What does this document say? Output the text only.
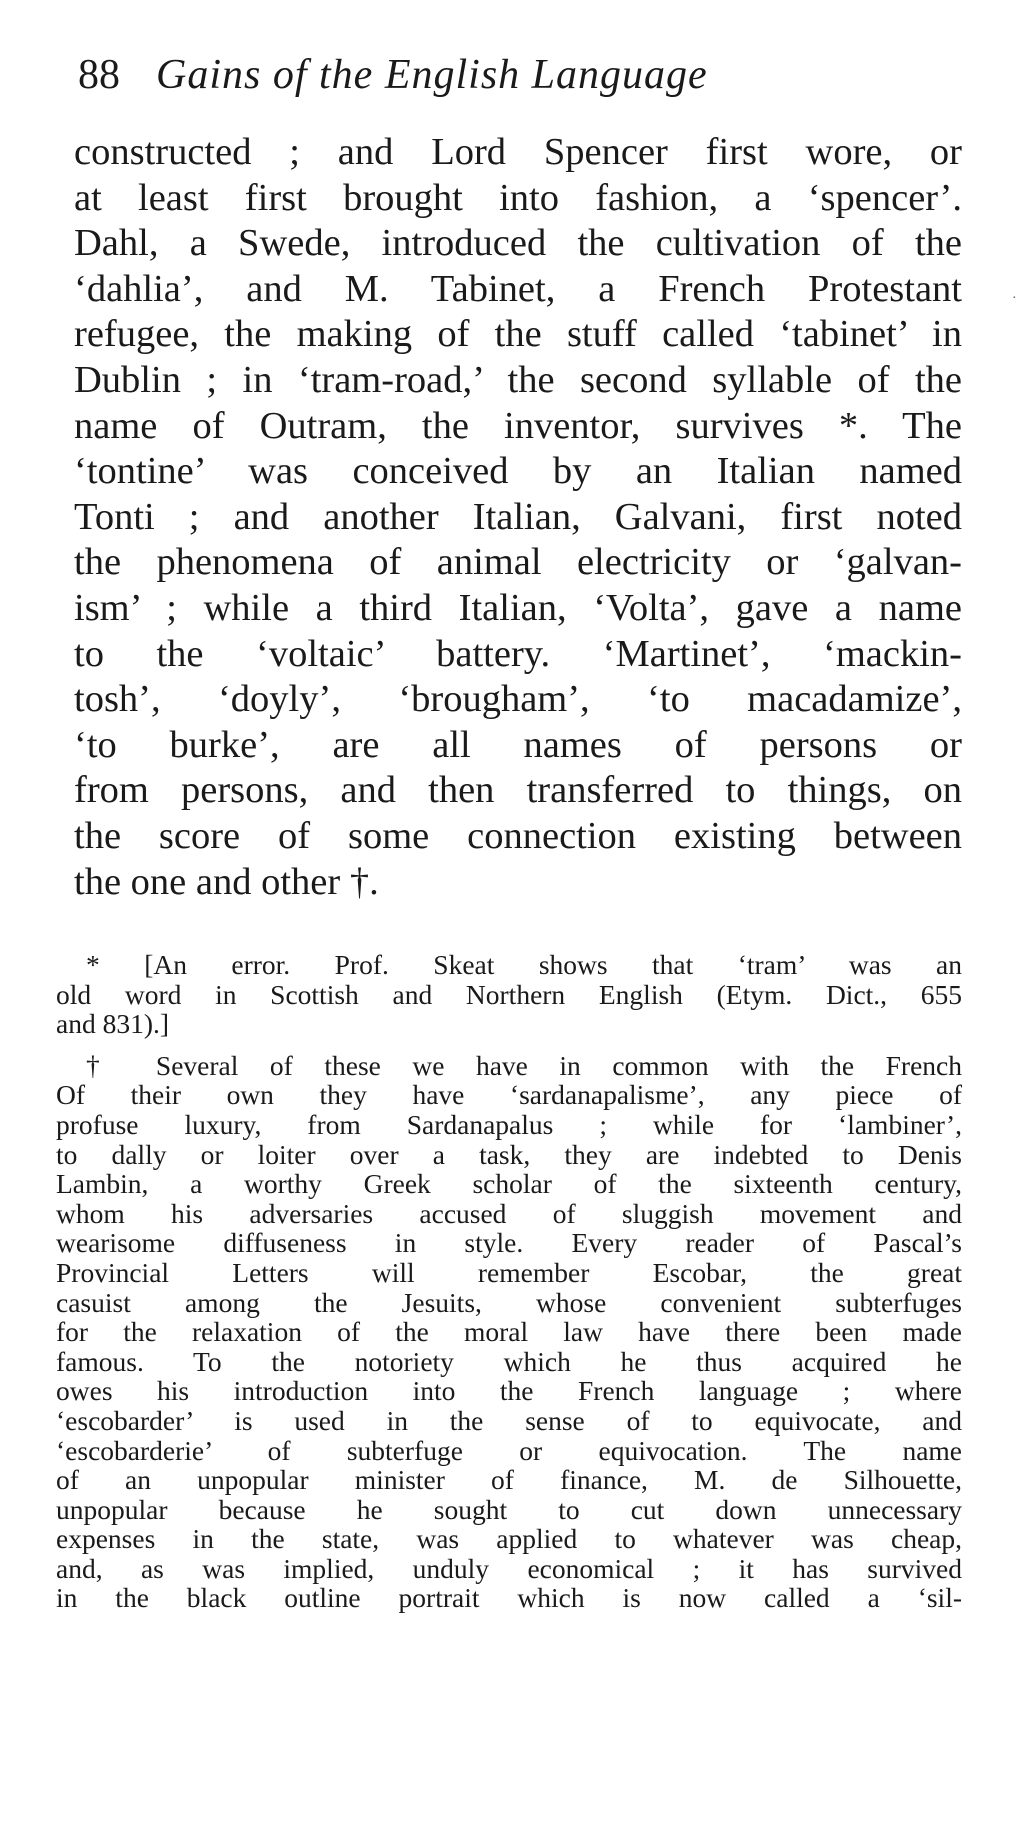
88 Gains of the English Language
constructed ; and Lord Spencer first wore, or
at least first brought into fashion, a ‘spencer’.
Dahl, a Swede, introduced the cultivation of the
‘dahlia’, and M. Tabinet, a French Protestant
refugee, the making of the stuff called ‘tabinet’ in
Dublin ; in ‘tram-road,’ the second syllable of the
name of Outram, the inventor, survives *. The
‘tontine’ was conceived by an Italian named
Tonti ; and another Italian, Galvani, first noted
the phenomena of animal electricity or ‘galvan-
ism’ ; while a third Italian, ‘Volta’, gave a name
to the ‘voltaic’ battery. ‘Martinet’, ‘mackin-
tosh’, ‘doyly’, ‘brougham’, ‘to macadamize’,
‘to burke’, are all names of persons or
from persons, and then transferred to things, on
the score of some connection existing between
the one and other †.
* [An error. Prof. Skeat shows that ‘tram’ was an
old word in Scottish and Northern English (Etym. Dict., 655
and 831).]
† Several of these we have in common with the French
Of their own they have ‘sardanapalisme’, any piece of
profuse luxury, from Sardanapalus ; while for ‘lambiner’,
to dally or loiter over a task, they are indebted to Denis
Lambin, a worthy Greek scholar of the sixteenth century,
whom his adversaries accused of sluggish movement and
wearisome diffuseness in style. Every reader of Pascal’s
Provincial Letters will remember Escobar, the great
casuist among the Jesuits, whose convenient subterfuges
for the relaxation of the moral law have there been made
famous. To the notoriety which he thus acquired he
owes his introduction into the French language ; where
‘escobarder’ is used in the sense of to equivocate, and
‘escobarderie’ of subterfuge or equivocation. The name
of an unpopular minister of finance, M. de Silhouette,
unpopular because he sought to cut down unnecessary
expenses in the state, was applied to whatever was cheap,
and, as was implied, unduly economical ; it has survived
in the black outline portrait which is now called a ‘sil-
·
